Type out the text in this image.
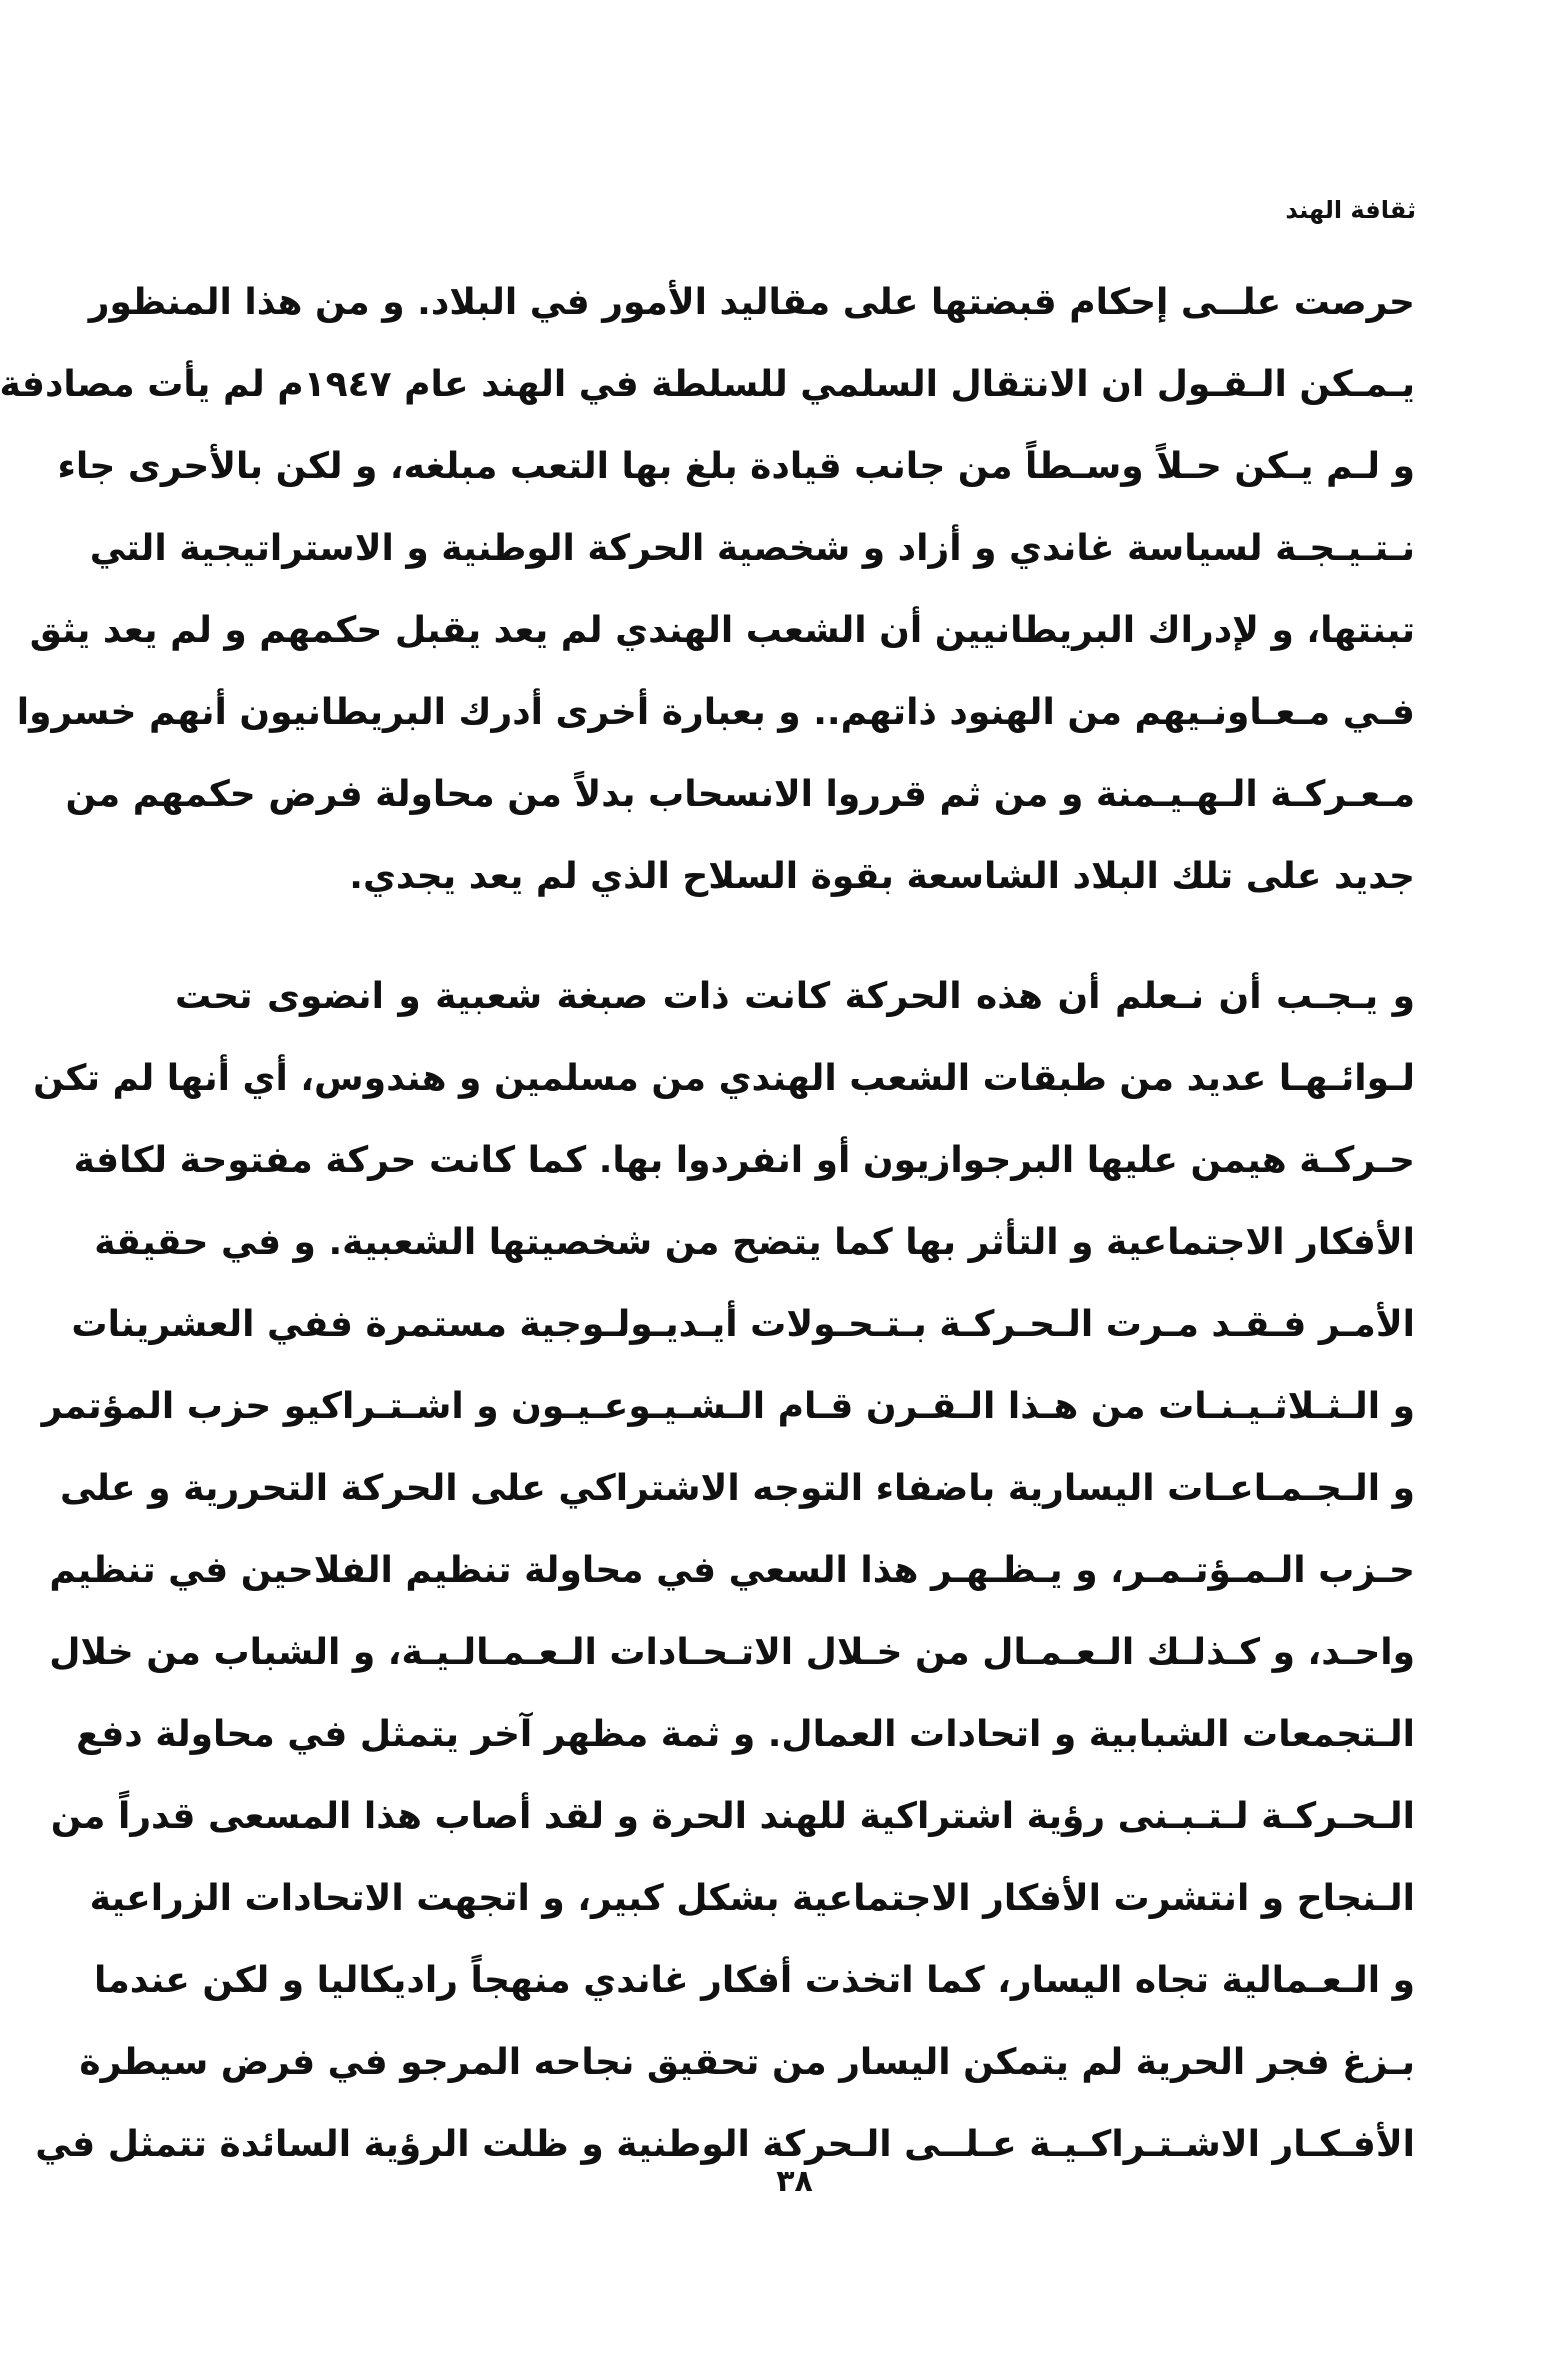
ثقافة الهند

حرصت علــى إحكام قبضتها على مقاليد الأمور في البلاد. و من هذا المنظور
يـمـكن الـقـول ان الانتقال السلمي للسلطة في الهند عام ١٩٤٧م لم يأت مصادفة
و لـم يـكن حـلاً وسـطاً من جانب قيادة بلغ بها التعب مبلغه، و لكن بالأحرى جاء
نـتـيـجـة لسياسة غاندي و أزاد و شخصية الحركة الوطنية و الاستراتيجية التي
تبنتها، و لإدراك البريطانيين أن الشعب الهندي لم يعد يقبل حكمهم و لم يعد يثق
فـي مـعـاونـيهم من الهنود ذاتهم.. و بعبارة أخرى أدرك البريطانيون أنهم خسروا
مـعـركـة الـهـيـمنة و من ثم قرروا الانسحاب بدلاً من محاولة فرض حكمهم من
جديد على تلك البلاد الشاسعة بقوة السلاح الذي لم يعد يجدي.

و يـجـب أن نـعلم أن هذه الحركة كانت ذات صبغة شعبية و انضوى تحت
لـوائـهـا عديد من طبقات الشعب الهندي من مسلمين و هندوس، أي أنها لم تكن
حـركـة هيمن عليها البرجوازيون أو انفردوا بها. كما كانت حركة مفتوحة لكافة
الأفكار الاجتماعية و التأثر بها كما يتضح من شخصيتها الشعبية. و في حقيقة
الأمـر فـقـد مـرت الـحـركـة بـتـحـولات أيـديـولـوجية مستمرة ففي العشرينات
و الـثـلاثـيـنـات من هـذا الـقـرن قـام الـشـيـوعـيـون و اشـتـراكيو حزب المؤتمر
و الـجـمـاعـات اليسارية باضفاء التوجه الاشتراكي على الحركة التحررية و على
حـزب الـمـؤتـمـر، و يـظـهـر هذا السعي في محاولة تنظيم الفلاحين في تنظيم
واحـد، و كـذلـك الـعـمـال من خـلال الاتـحـادات الـعـمـالـيـة، و الشباب من خلال
الـتجمعات الشبابية و اتحادات العمال. و ثمة مظهر آخر يتمثل في محاولة دفع
الـحـركـة لـتـبـنى رؤية اشتراكية للهند الحرة و لقد أصاب هذا المسعى قدراً من
الـنجاح و انتشرت الأفكار الاجتماعية بشكل كبير، و اتجهت الاتحادات الزراعية
و الـعـمالية تجاه اليسار، كما اتخذت أفكار غاندي منهجاً راديكاليا و لكن عندما
بـزغ فجر الحرية لم يتمكن اليسار من تحقيق نجاحه المرجو في فرض سيطرة
الأفـكـار الاشـتـراكـيـة عـلــى الـحركة الوطنية و ظلت الرؤية السائدة تتمثل في

٣٨
